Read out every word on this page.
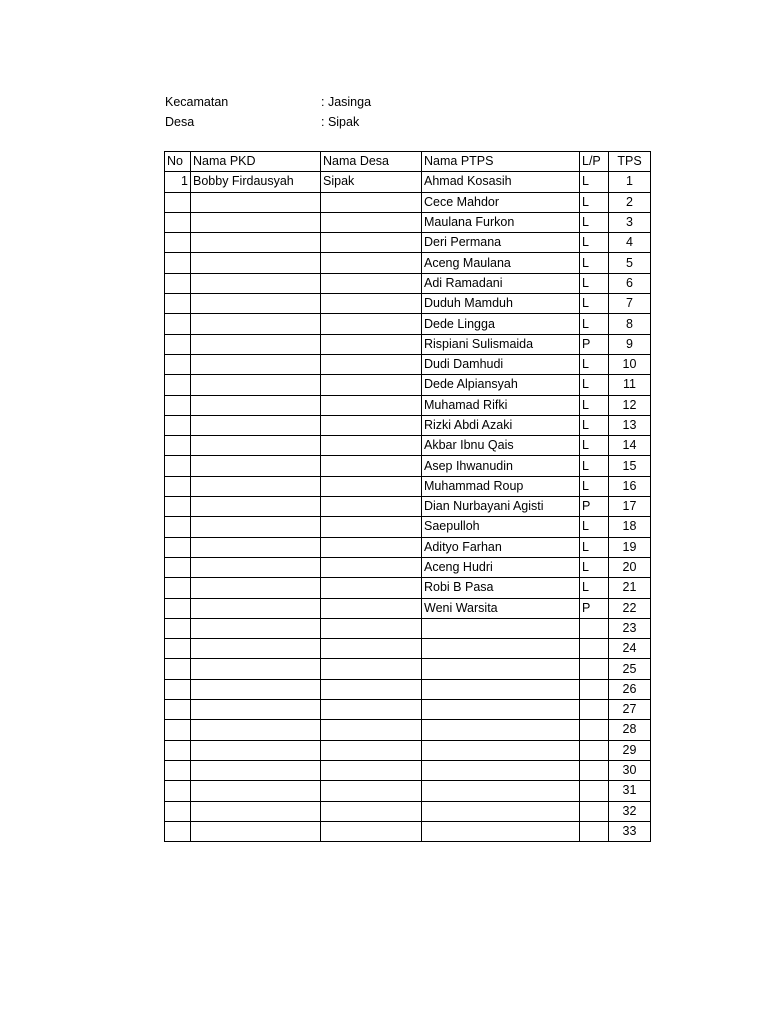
Kecamatan	: Jasinga
Desa	: Sipak
No	Nama PKD	Nama Desa	Nama PTPS	L/P	TPS
1	Bobby Firdausyah	Sipak	Ahmad Kosasih	L	1
			Cece Mahdor	L	2
			Maulana Furkon	L	3
			Deri Permana	L	4
			Aceng Maulana	L	5
			Adi Ramadani	L	6
			Duduh Mamduh	L	7
			Dede Lingga	L	8
			Rispiani Sulismaida	P	9
			Dudi Damhudi	L	10
			Dede Alpiansyah	L	11
			Muhamad Rifki	L	12
			Rizki Abdi Azaki	L	13
			Akbar Ibnu Qais	L	14
			Asep Ihwanudin	L	15
			Muhammad Roup	L	16
			Dian Nurbayani Agisti	P	17
			Saepulloh	L	18
			Adityo Farhan	L	19
			Aceng Hudri	L	20
			Robi B Pasa	L	21
			Weni Warsita	P	22
					23
					24
					25
					26
					27
					28
					29
					30
					31
					32
					33
